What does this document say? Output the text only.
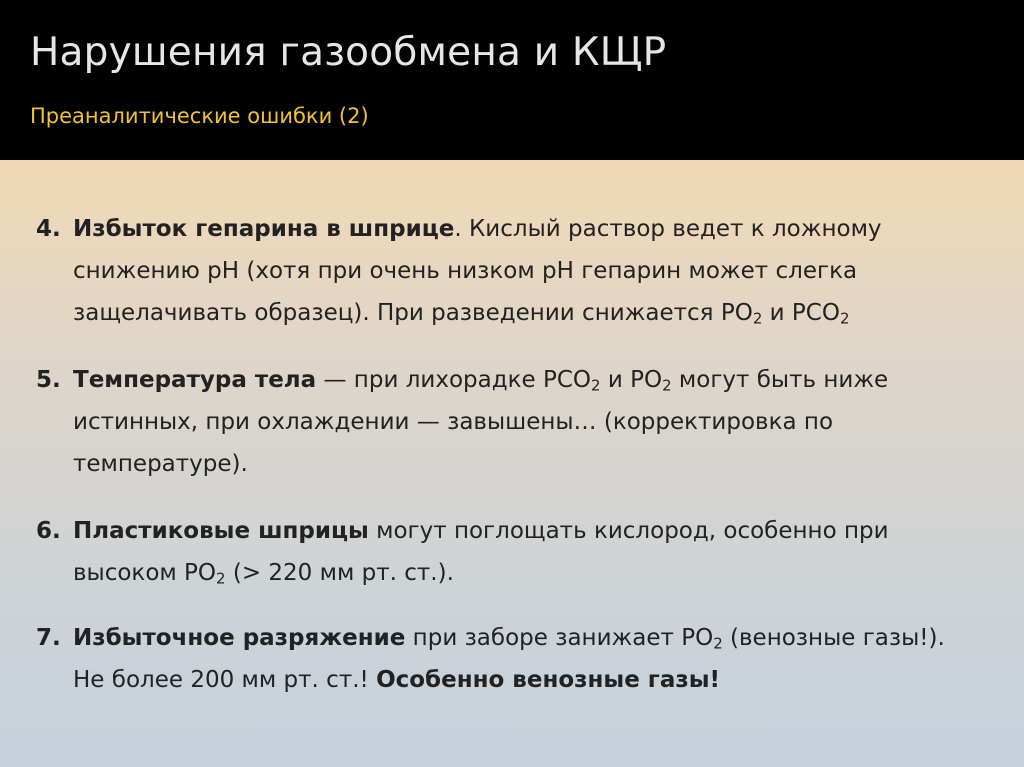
Нарушения газообмена и КЩР
Преаналитические ошибки (2)
4. Избыток гепарина в шприце. Кислый раствор ведет к ложному снижению pH (хотя при очень низком pH гепарин может слегка защелачивать образец). При разведении снижается $PO_2$ и $PCO_2$
5. Температура тела — при лихорадке $PCO_2$ и $PO_2$ могут быть ниже истинных, при охлаждении — завышены… (корректировка по температуре).
6. Пластиковые шприцы могут поглощать кислород, особенно при высоком $PO_2$ (> 220 мм рт. ст.).
7. Избыточное разряжение при заборе занижает $PO_2$ (венозные газы!). Не более 200 мм рт. ст.! Особенно венозные газы!
